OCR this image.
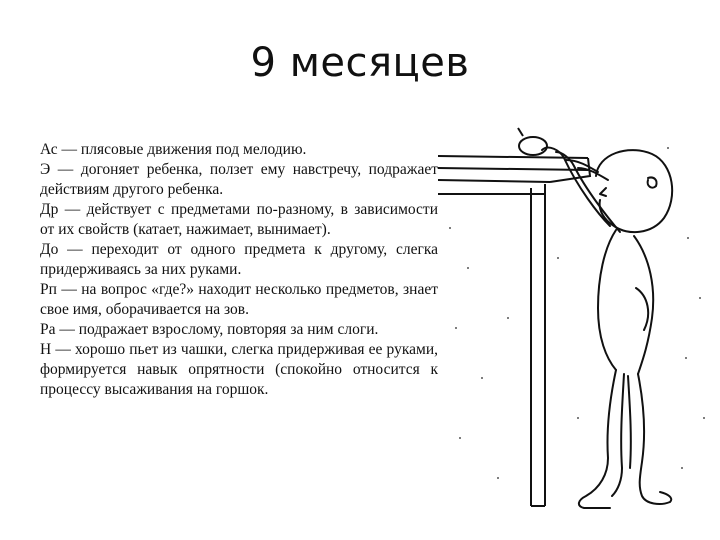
9 месяцев

Ас — плясовые движения под мелодию.

Э — догоняет ребенка, ползет ему навстречу, подражает действиям другого ребенка.

Др — действует с предметами по-разному, в зависимости от их свойств (катает, нажимает, вынимает).

До — переходит от одного предмета к другому, слегка придерживаясь за них руками.

Рп — на вопрос «где?» находит несколько предметов, знает свое имя, оборачивается на зов.

Ра — подражает взрослому, повторяя за ним слоги.

Н — хорошо пьет из чашки, слегка придерживая ее руками, формируется навык опрятности (спокойно относится к процессу высаживания на горшок.
